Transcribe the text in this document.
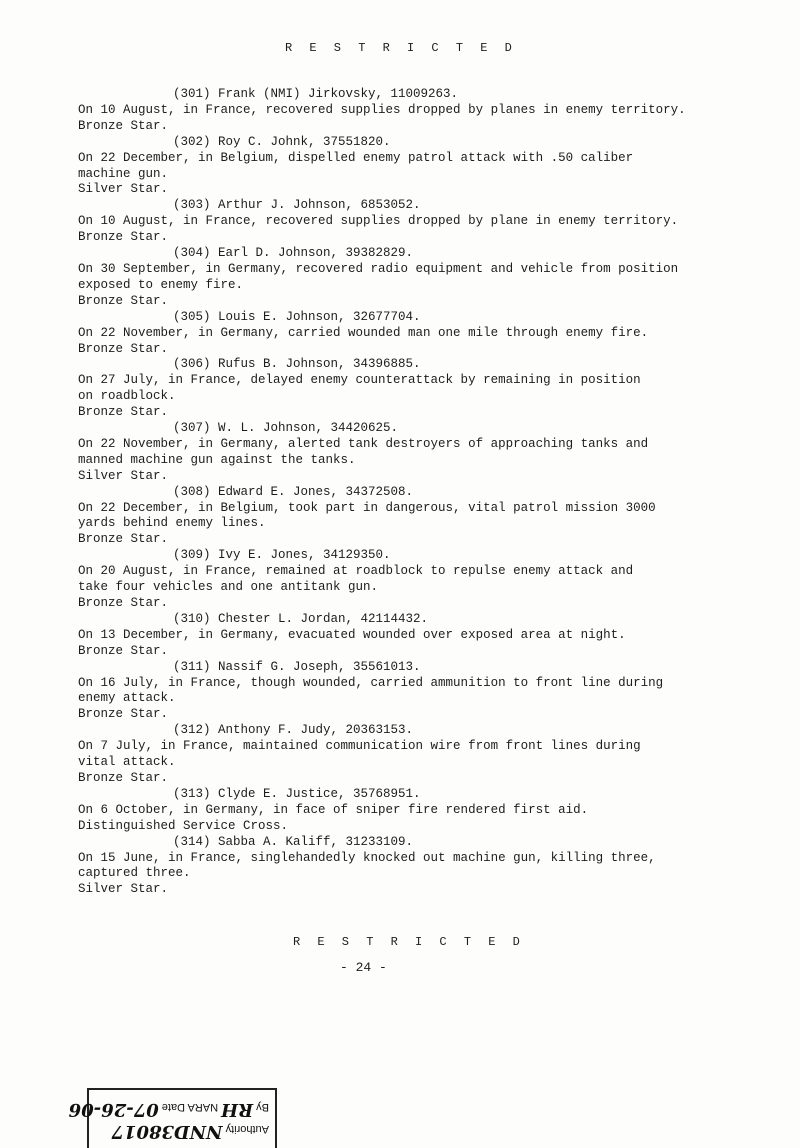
R E S T R I C T E D
(301) Frank (NMI) Jirkovsky, 11009263.
On 10 August, in France, recovered supplies dropped by planes in enemy territory.
Bronze Star.
(302) Roy C. Johnk, 37551820.
On 22 December, in Belgium, dispelled enemy patrol attack with .50 caliber
machine gun.
Silver Star.
(303) Arthur J. Johnson, 6853052.
On 10 August, in France, recovered supplies dropped by plane in enemy territory.
Bronze Star.
(304) Earl D. Johnson, 39382829.
On 30 September, in Germany, recovered radio equipment and vehicle from position
exposed to enemy fire.
Bronze Star.
(305) Louis E. Johnson, 32677704.
On 22 November, in Germany, carried wounded man one mile through enemy fire.
Bronze Star.
(306) Rufus B. Johnson, 34396885.
On 27 July, in France, delayed enemy counterattack by remaining in position
on roadblock.
Bronze Star.
(307) W. L. Johnson, 34420625.
On 22 November, in Germany, alerted tank destroyers of approaching tanks and
manned machine gun against the tanks.
Silver Star.
(308) Edward E. Jones, 34372508.
On 22 December, in Belgium, took part in dangerous, vital patrol mission 3000
yards behind enemy lines.
Bronze Star.
(309) Ivy E. Jones, 34129350.
On 20 August, in France, remained at roadblock to repulse enemy attack and
take four vehicles and one antitank gun.
Bronze Star.
(310) Chester L. Jordan, 42114432.
On 13 December, in Germany, evacuated wounded over exposed area at night.
Bronze Star.
(311) Nassif G. Joseph, 35561013.
On 16 July, in France, though wounded, carried ammunition to front line during
enemy attack.
Bronze Star.
(312) Anthony F. Judy, 20363153.
On 7 July, in France, maintained communication wire from front lines during
vital attack.
Bronze Star.
(313) Clyde E. Justice, 35768951.
On 6 October, in Germany, in face of sniper fire rendered first aid.
Distinguished Service Cross.
(314) Sabba A. Kaliff, 31233109.
On 15 June, in France, singlehandedly knocked out machine gun, killing three,
captured three.
Silver Star.
R E S T R I C T E D
- 24 -
Authority NND38017
By RH NARA Date 07-26-06
